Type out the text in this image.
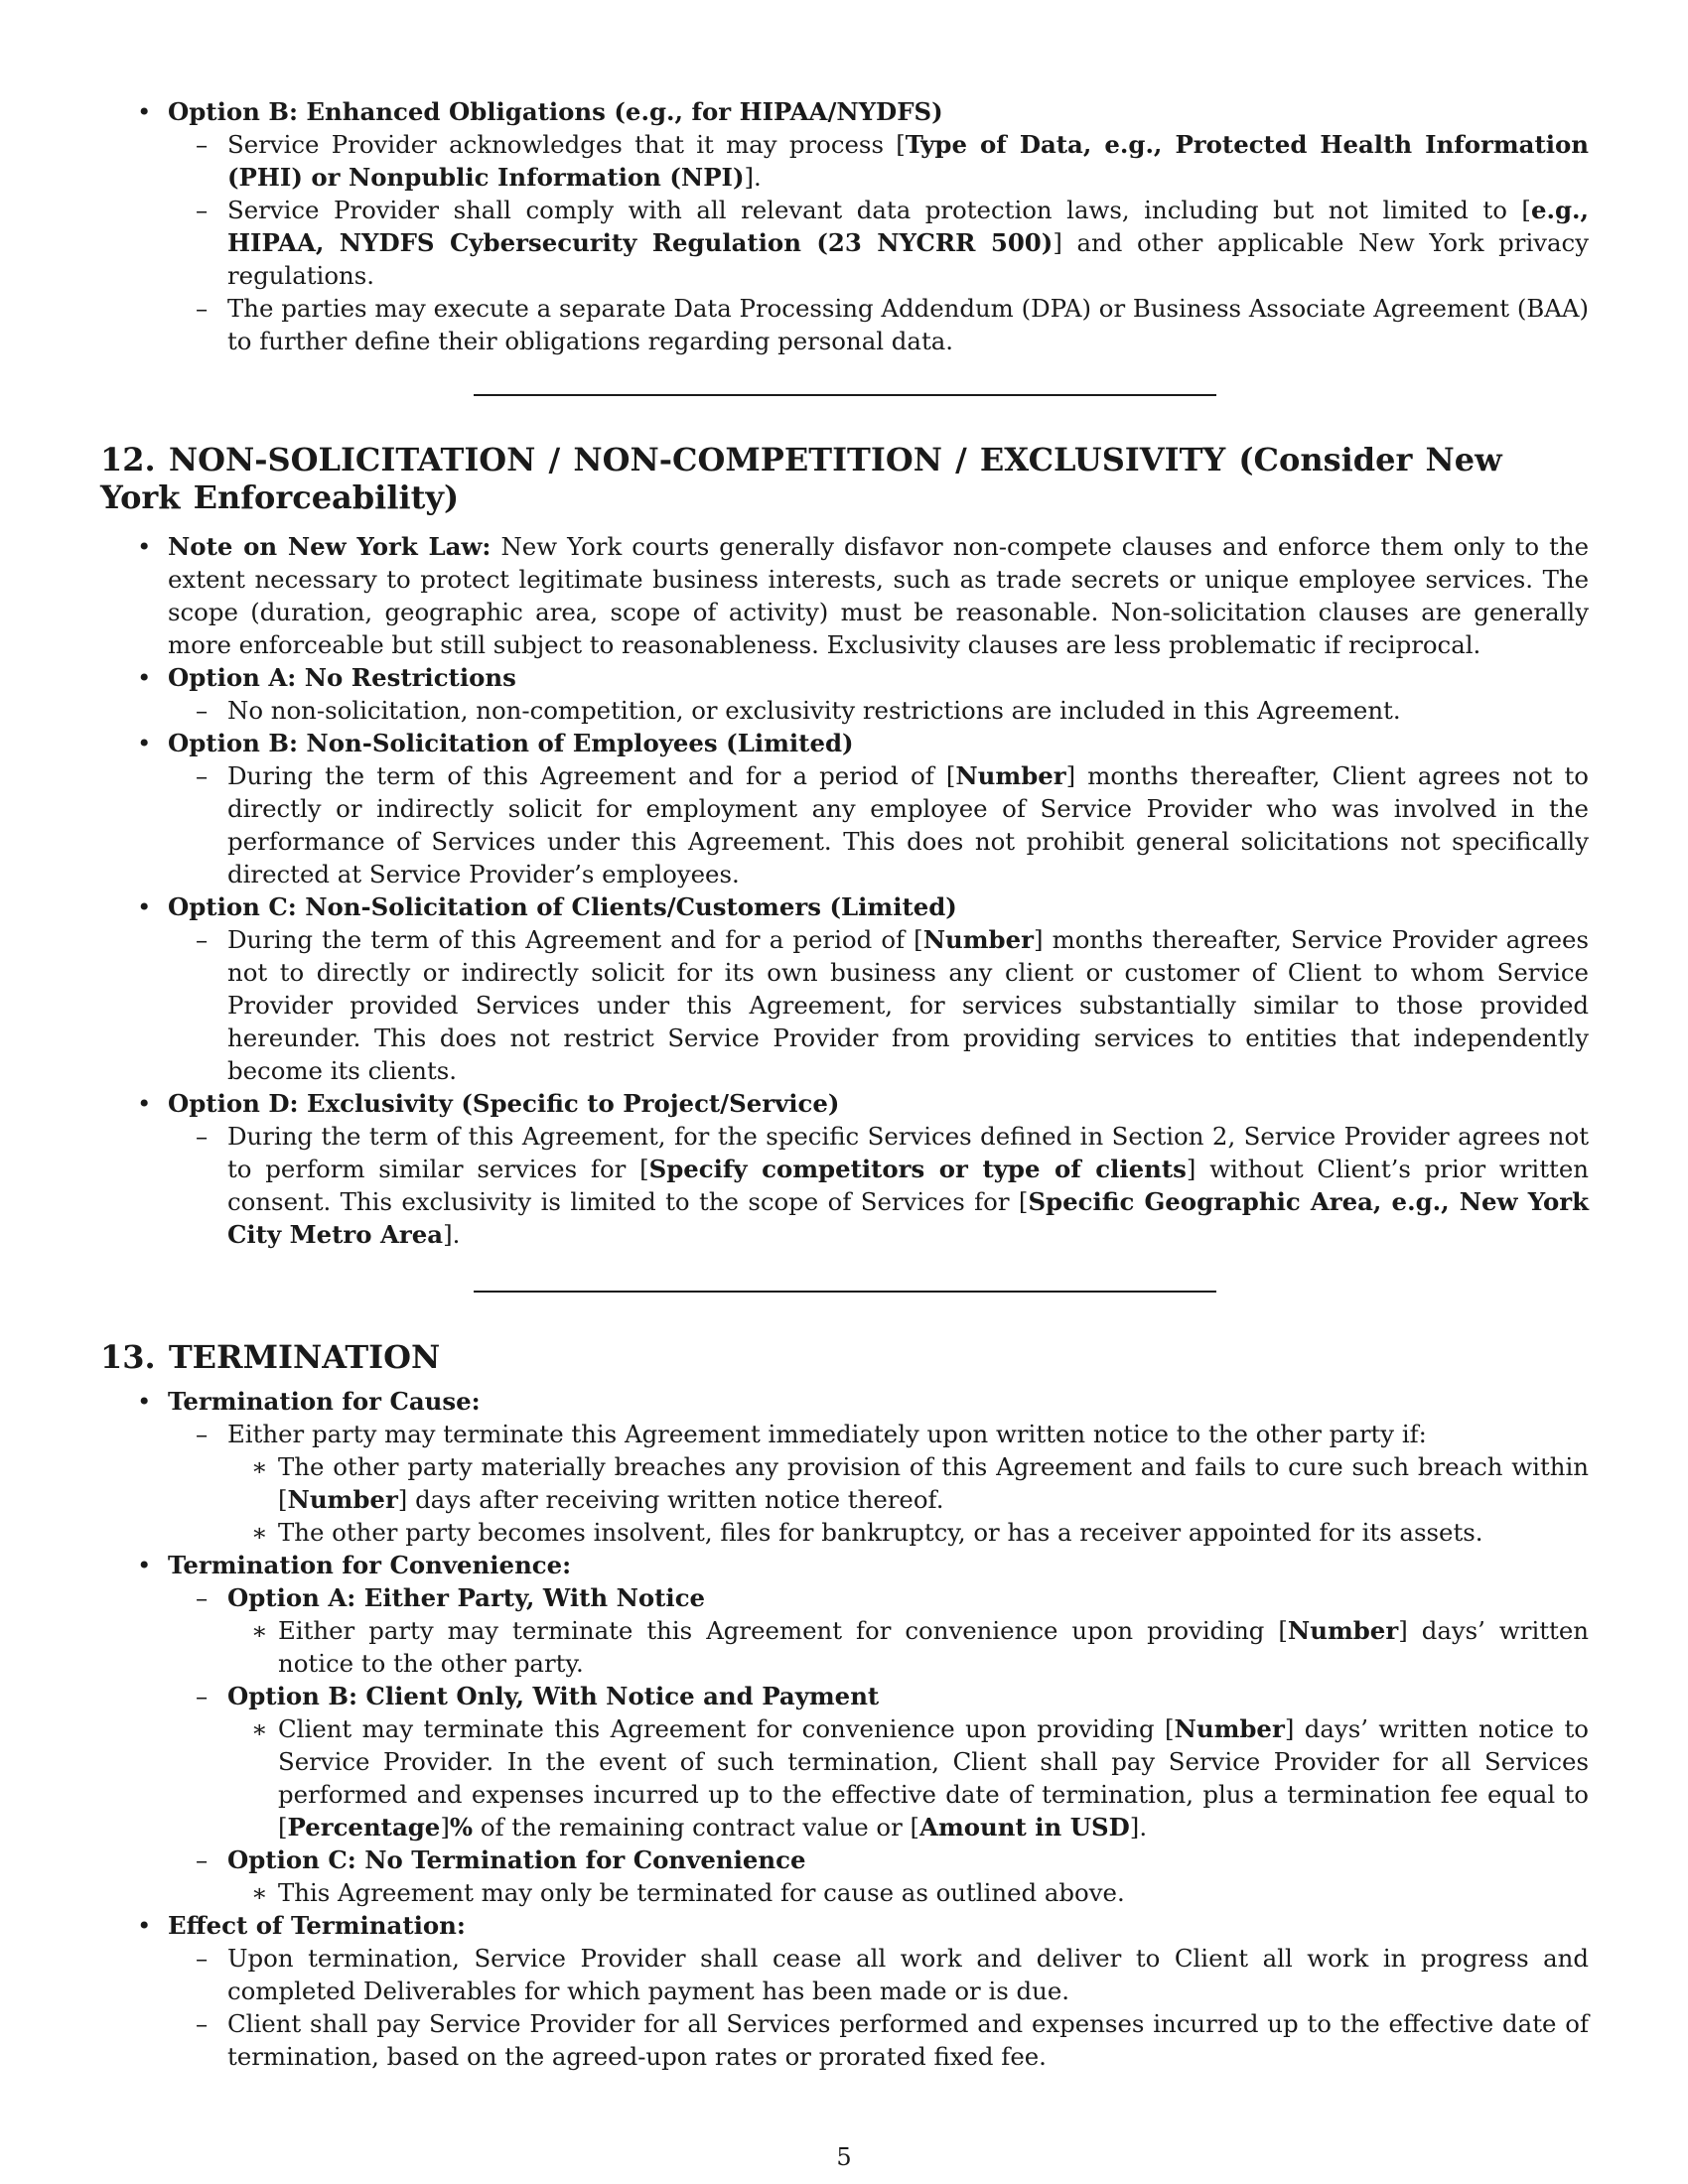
• Option B: Enhanced Obligations (e.g., for HIPAA/NYDFS)
– Service Provider acknowledges that it may process [Type of Data, e.g., Protected Health Information (PHI) or Nonpublic Information (NPI)].
– Service Provider shall comply with all relevant data protection laws, including but not limited to [e.g., HIPAA, NYDFS Cybersecurity Regulation (23 NYCRR 500)] and other applicable New York privacy regulations.
– The parties may execute a separate Data Processing Addendum (DPA) or Business Associate Agreement (BAA) to further define their obligations regarding personal data.
12. NON-SOLICITATION / NON-COMPETITION / EXCLUSIVITY (Consider New York Enforceability)
• Note on New York Law: New York courts generally disfavor non-compete clauses and enforce them only to the extent necessary to protect legitimate business interests, such as trade secrets or unique employee services. The scope (duration, geographic area, scope of activity) must be reasonable. Non-solicitation clauses are generally more enforceable but still subject to reasonableness. Exclusivity clauses are less problematic if reciprocal.
• Option A: No Restrictions
– No non-solicitation, non-competition, or exclusivity restrictions are included in this Agreement.
• Option B: Non-Solicitation of Employees (Limited)
– During the term of this Agreement and for a period of [Number] months thereafter, Client agrees not to directly or indirectly solicit for employment any employee of Service Provider who was involved in the performance of Services under this Agreement. This does not prohibit general solicitations not specifically directed at Service Provider’s employees.
• Option C: Non-Solicitation of Clients/Customers (Limited)
– During the term of this Agreement and for a period of [Number] months thereafter, Service Provider agrees not to directly or indirectly solicit for its own business any client or customer of Client to whom Service Provider provided Services under this Agreement, for services substantially similar to those provided hereunder. This does not restrict Service Provider from providing services to entities that independently become its clients.
• Option D: Exclusivity (Specific to Project/Service)
– During the term of this Agreement, for the specific Services defined in Section 2, Service Provider agrees not to perform similar services for [Specify competitors or type of clients] without Client’s prior written consent. This exclusivity is limited to the scope of Services for [Specific Geographic Area, e.g., New York City Metro Area].
13. TERMINATION
• Termination for Cause:
– Either party may terminate this Agreement immediately upon written notice to the other party if:
∗ The other party materially breaches any provision of this Agreement and fails to cure such breach within [Number] days after receiving written notice thereof.
∗ The other party becomes insolvent, files for bankruptcy, or has a receiver appointed for its assets.
• Termination for Convenience:
– Option A: Either Party, With Notice
∗ Either party may terminate this Agreement for convenience upon providing [Number] days’ written notice to the other party.
– Option B: Client Only, With Notice and Payment
∗ Client may terminate this Agreement for convenience upon providing [Number] days’ written notice to Service Provider. In the event of such termination, Client shall pay Service Provider for all Services performed and expenses incurred up to the effective date of termination, plus a termination fee equal to [Percentage]% of the remaining contract value or [Amount in USD].
– Option C: No Termination for Convenience
∗ This Agreement may only be terminated for cause as outlined above.
• Effect of Termination:
– Upon termination, Service Provider shall cease all work and deliver to Client all work in progress and completed Deliverables for which payment has been made or is due.
– Client shall pay Service Provider for all Services performed and expenses incurred up to the effective date of termination, based on the agreed-upon rates or prorated fixed fee.
5
